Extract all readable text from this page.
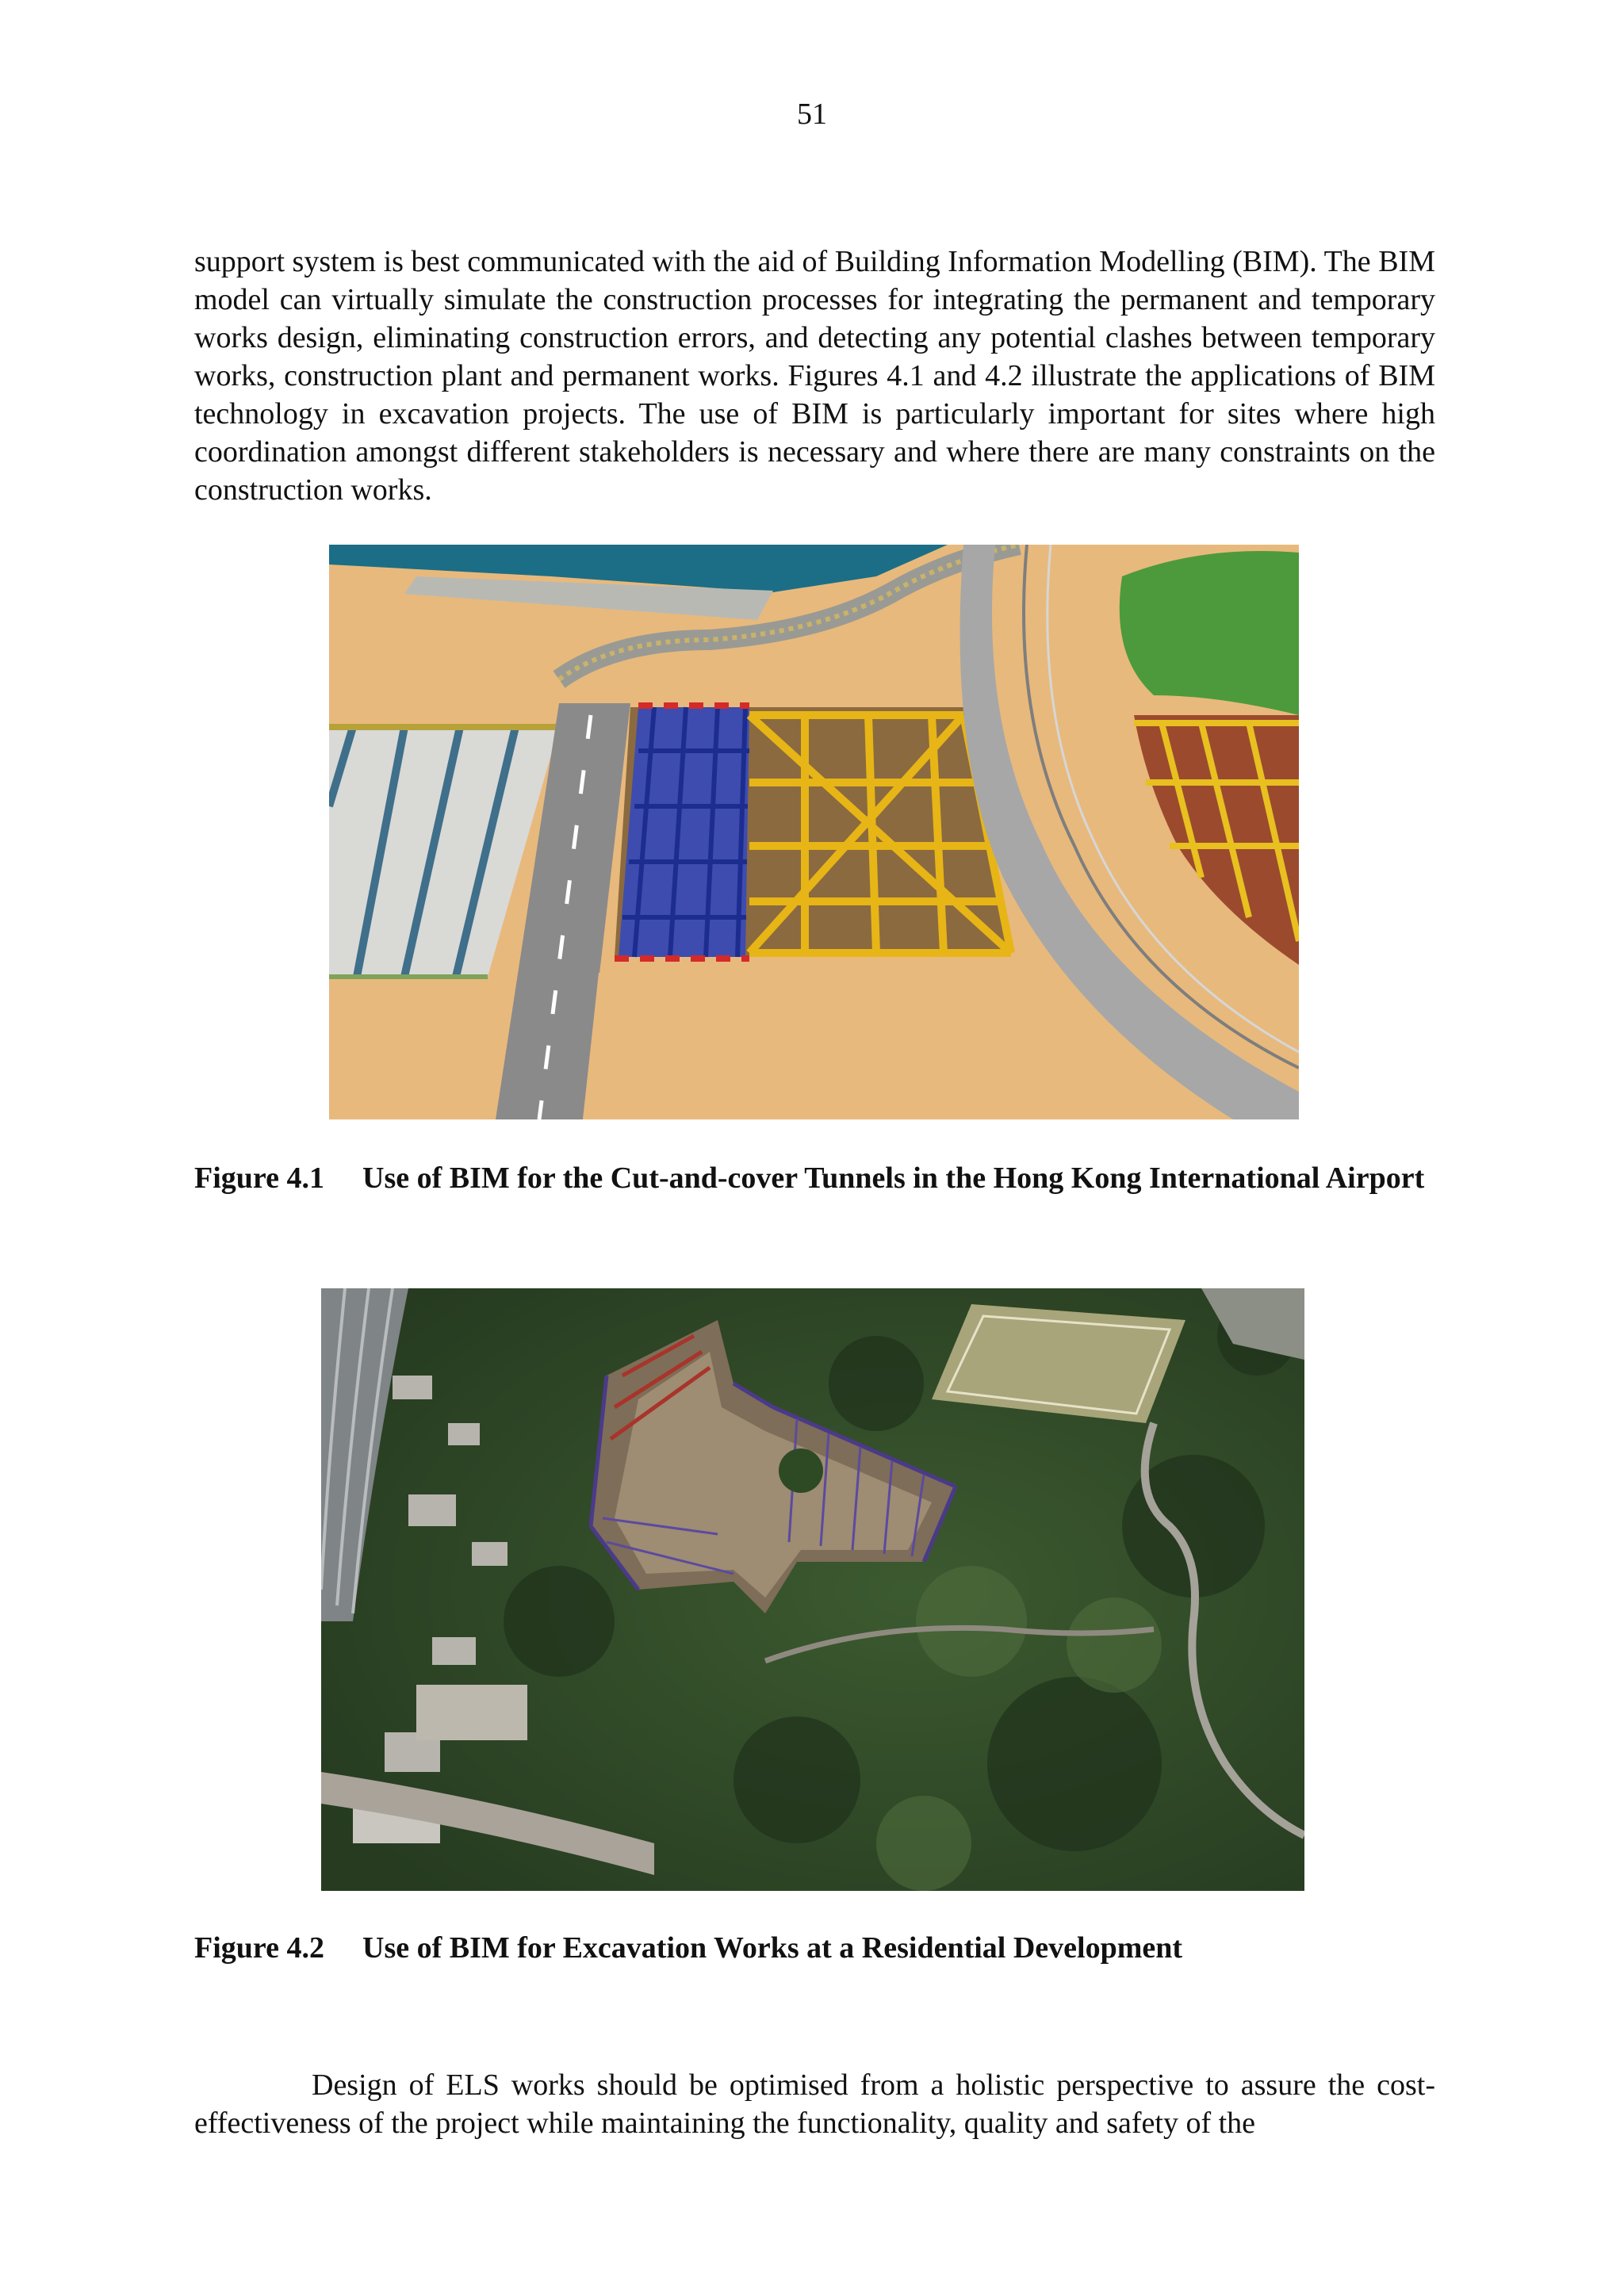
51

support system is best communicated with the aid of Building Information Modelling (BIM). The BIM model can virtually simulate the construction processes for integrating the permanent and temporary works design, eliminating construction errors, and detecting any potential clashes between temporary works, construction plant and permanent works. Figures 4.1 and 4.2 illustrate the applications of BIM technology in excavation projects. The use of BIM is particularly important for sites where high coordination amongst different stakeholders is necessary and where there are many constraints on the construction works.

Figure 4.1 Use of BIM for the Cut-and-cover Tunnels in the Hong Kong International Airport
Figure 4.2 Use of BIM for Excavation Works at a Residential Development

Design of ELS works should be optimised from a holistic perspective to assure the cost-effectiveness of the project while maintaining the functionality, quality and safety of the
